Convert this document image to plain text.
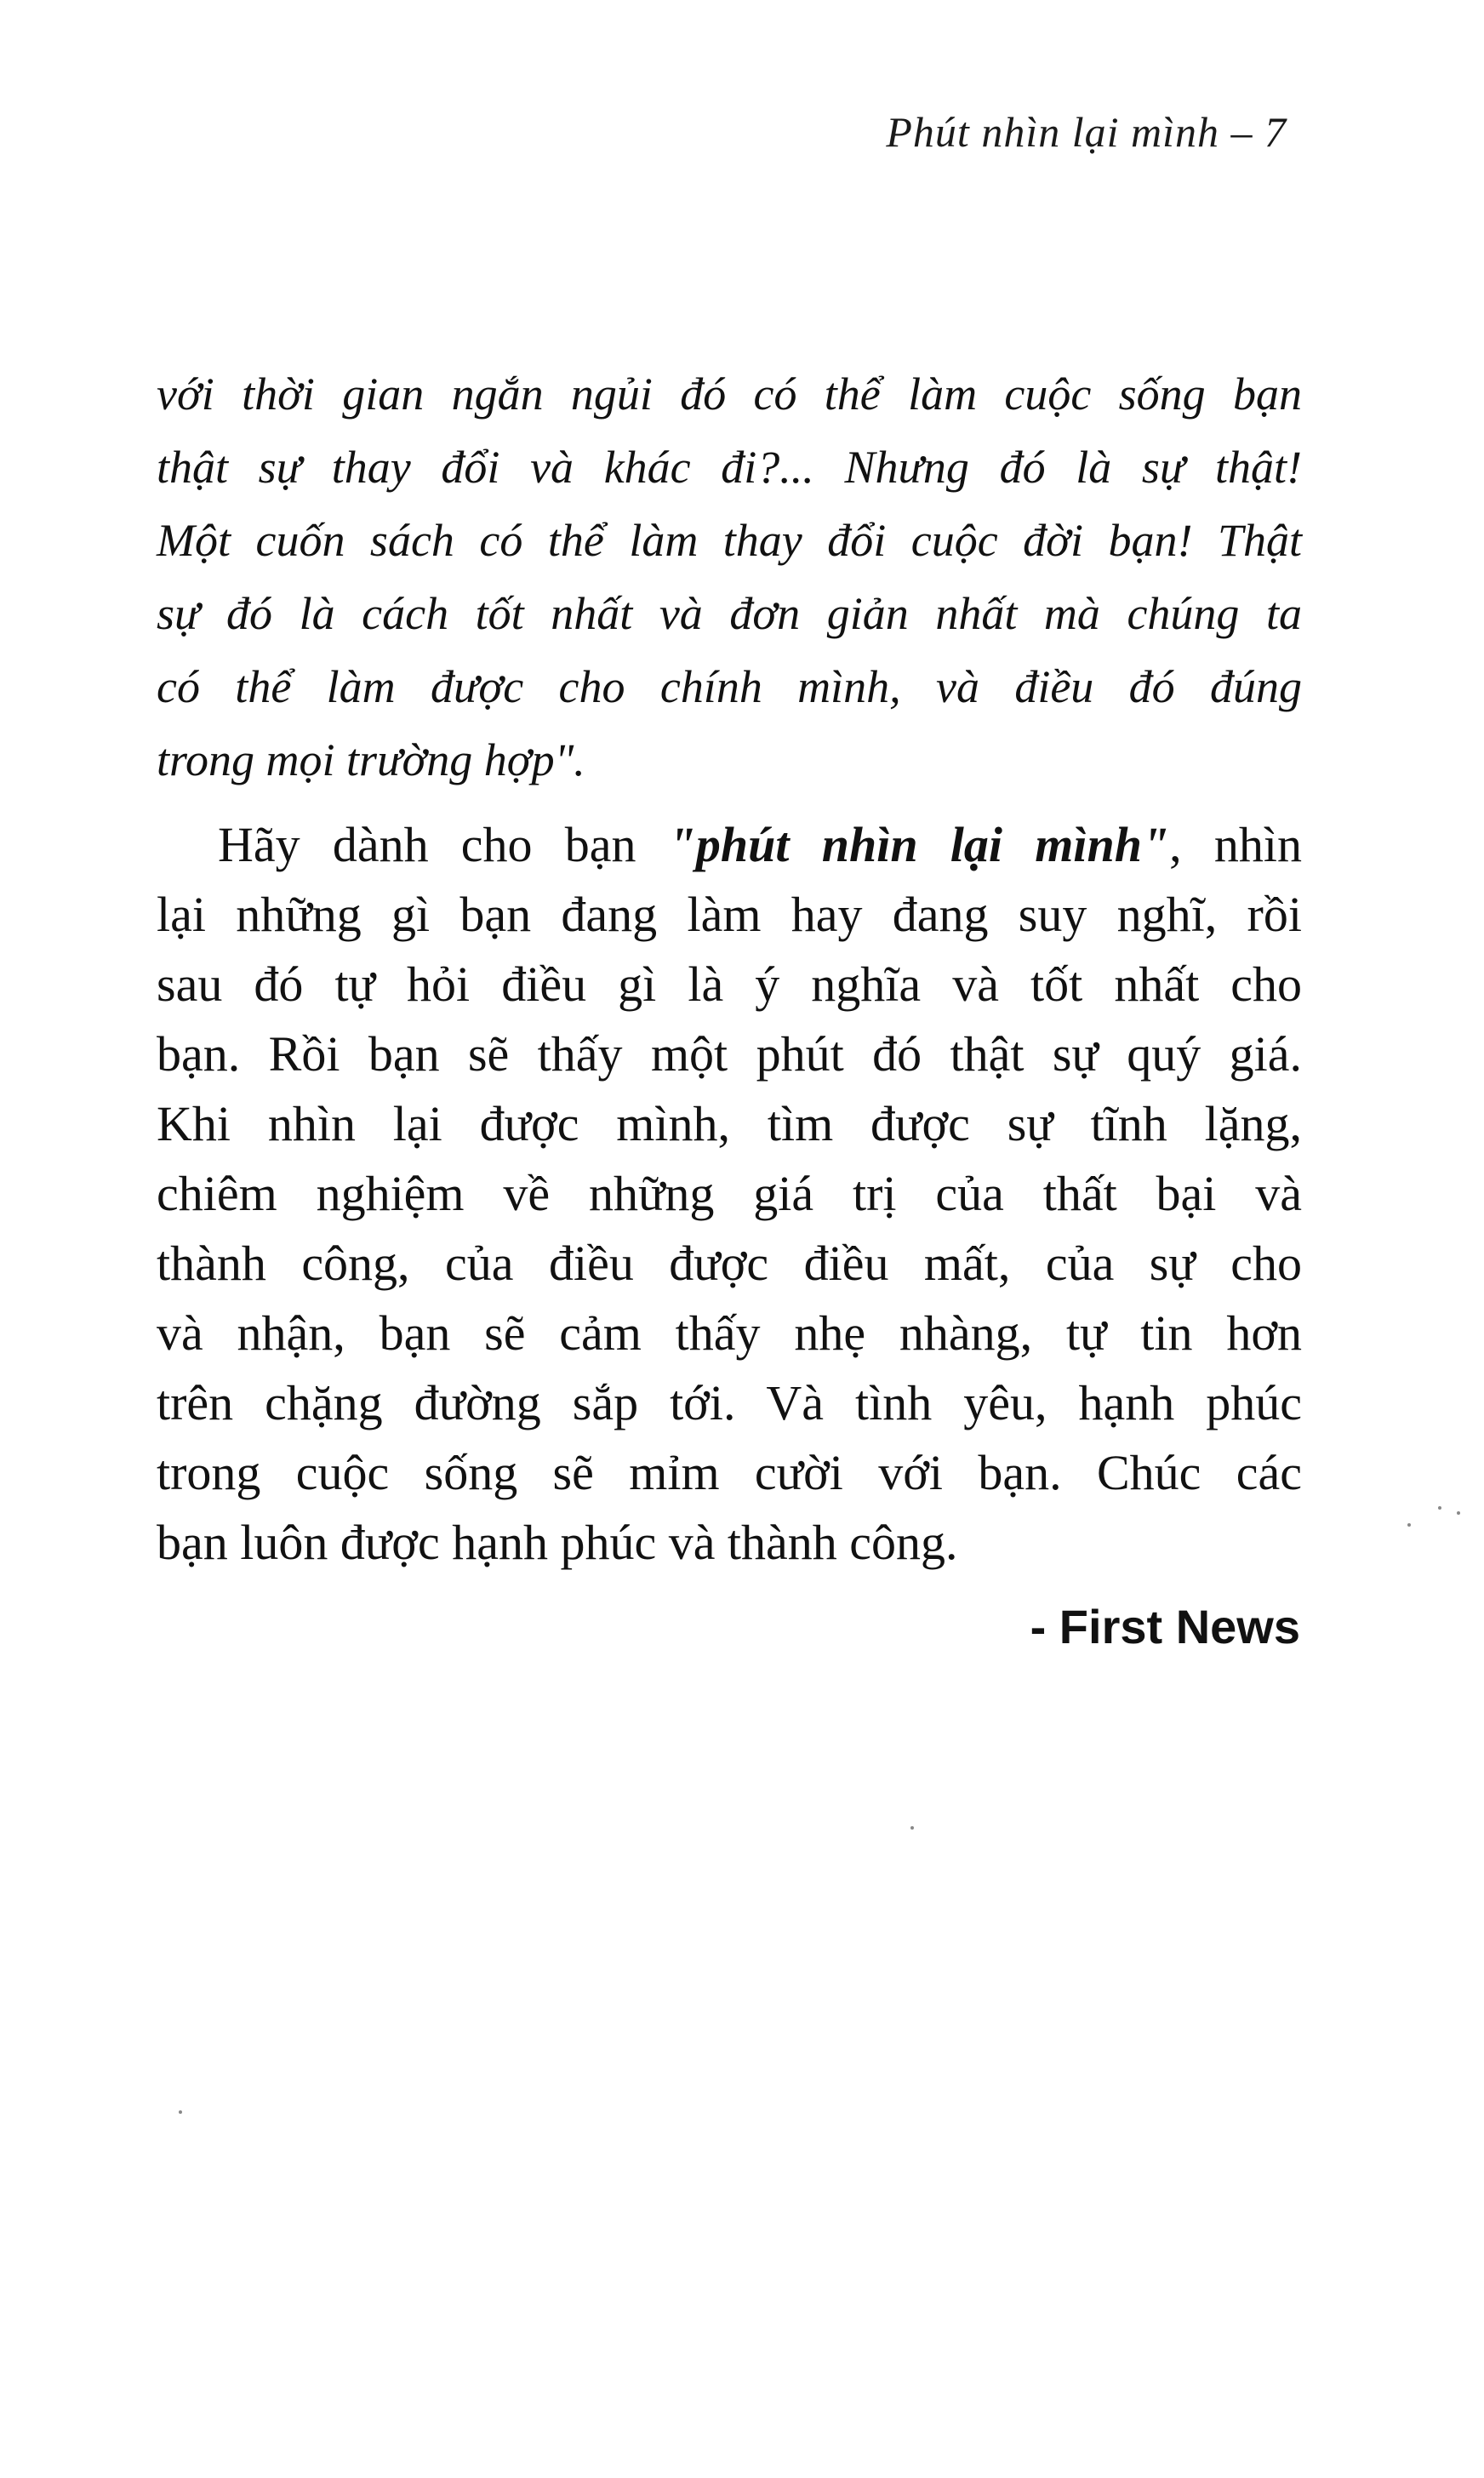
Phút nhìn lại mình – 7
với thời gian ngắn ngủi đó có thể làm cuộc sống bạn
thật sự thay đổi và khác đi?... Nhưng đó là sự thật!
Một cuốn sách có thể làm thay đổi cuộc đời bạn! Thật
sự đó là cách tốt nhất và đơn giản nhất mà chúng ta
có thể làm được cho chính mình, và điều đó đúng
trong mọi trường hợp".
Hãy dành cho bạn "phút nhìn lại mình", nhìn
lại những gì bạn đang làm hay đang suy nghĩ, rồi
sau đó tự hỏi điều gì là ý nghĩa và tốt nhất cho
bạn. Rồi bạn sẽ thấy một phút đó thật sự quý giá.
Khi nhìn lại được mình, tìm được sự tĩnh lặng,
chiêm nghiệm về những giá trị của thất bại và
thành công, của điều được điều mất, của sự cho
và nhận, bạn sẽ cảm thấy nhẹ nhàng, tự tin hơn
trên chặng đường sắp tới. Và tình yêu, hạnh phúc
trong cuộc sống sẽ mỉm cười với bạn. Chúc các
bạn luôn được hạnh phúc và thành công.
- First News
